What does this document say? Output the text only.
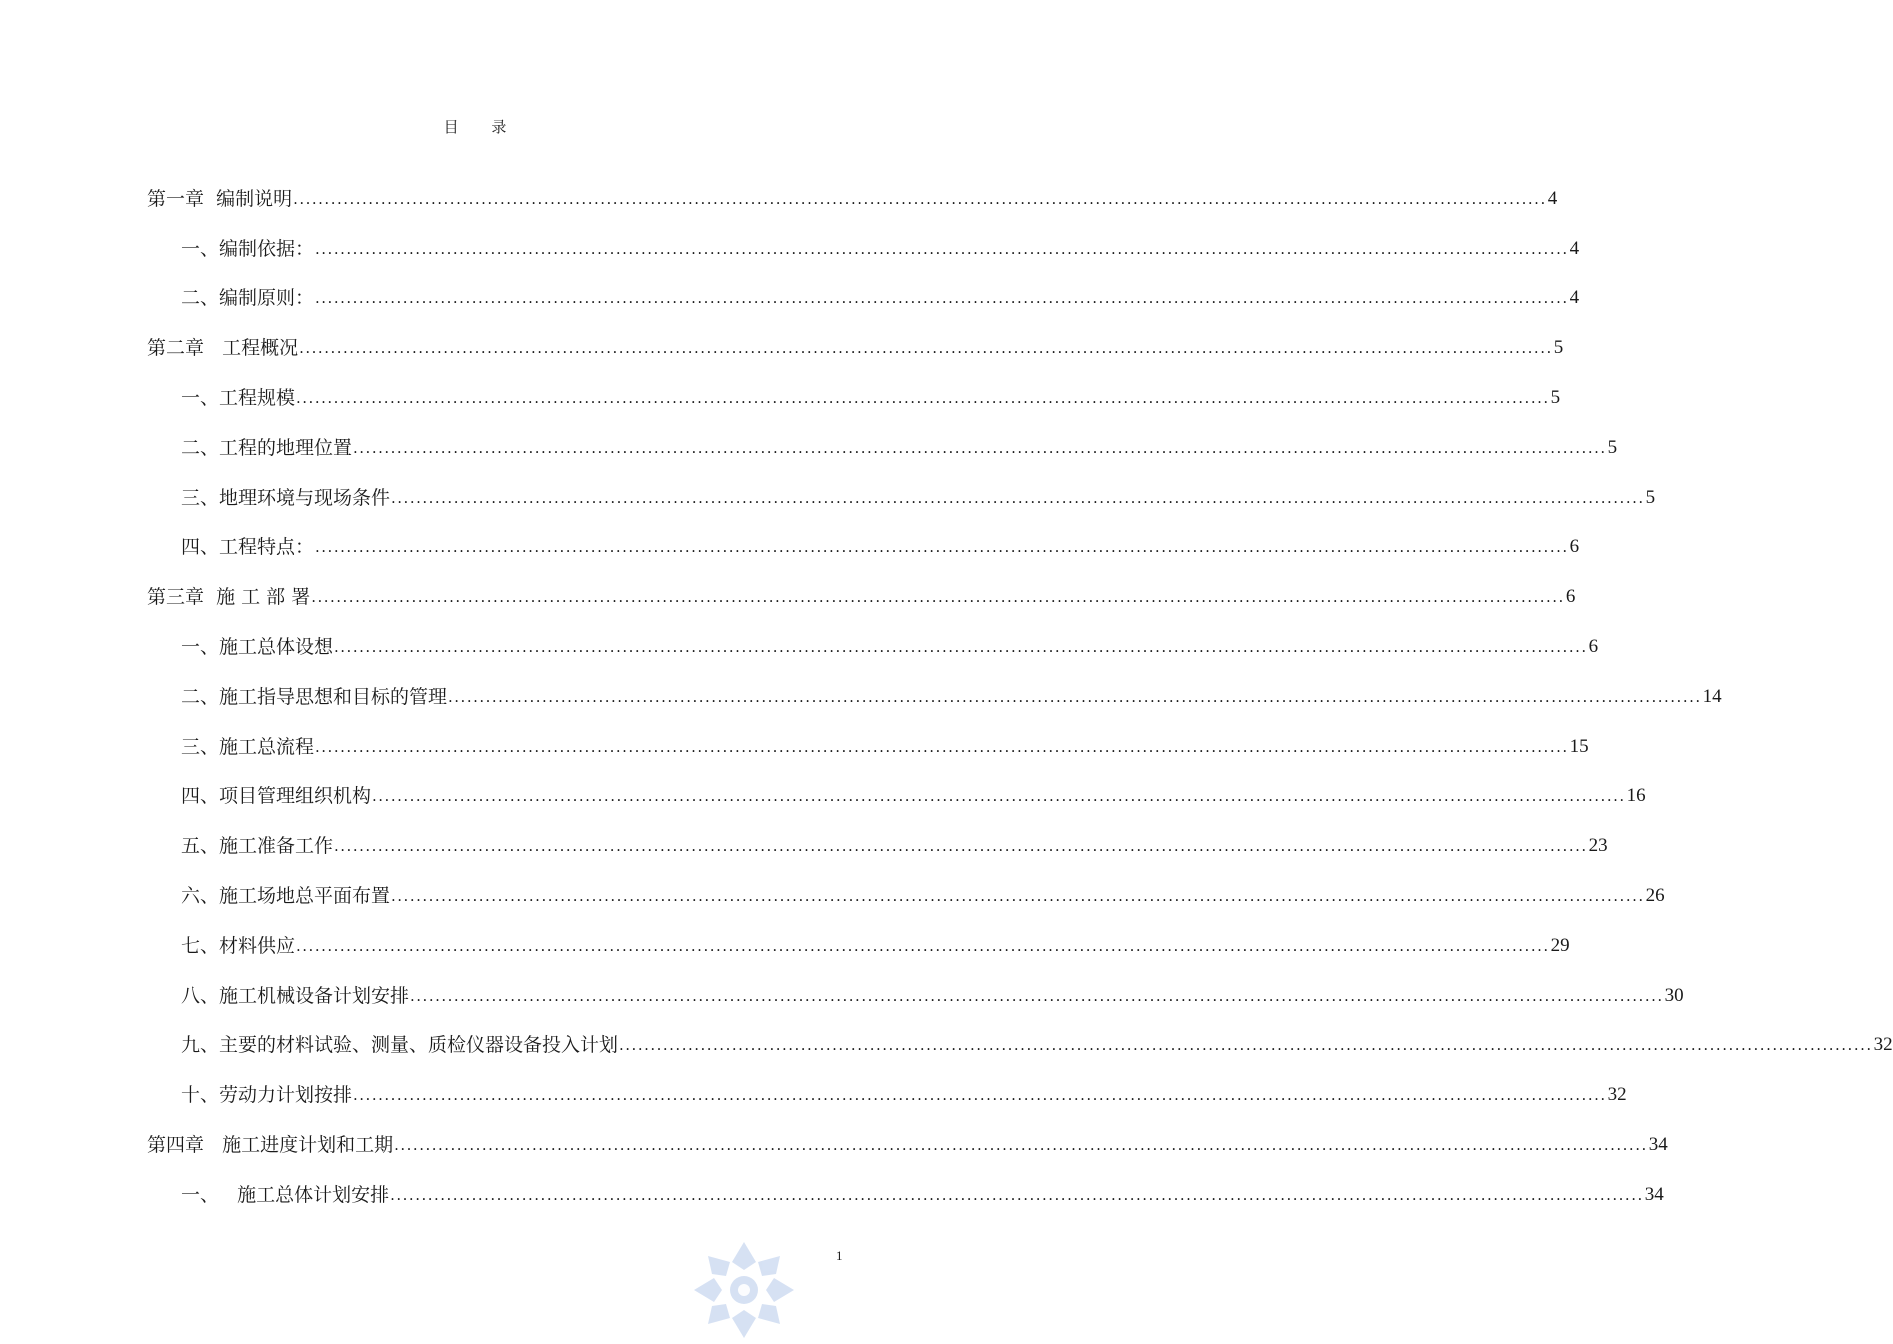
目 录
第一章  编制说明 ........................................................................................................................................................................................................ 4
一、编制依据： ........................................................................................................................................................................................................ 4
二、编制原则： ........................................................................................................................................................................................................ 4
第二章   工程概况 ........................................................................................................................................................................................................ 5
一、工程规模 ........................................................................................................................................................................................................ 5
二、工程的地理位置 ........................................................................................................................................................................................................ 5
三、地理环境与现场条件 ........................................................................................................................................................................................................ 5
四、工程特点： ........................................................................................................................................................................................................ 6
第三章  施 工 部 署 ........................................................................................................................................................................................................ 6
一、施工总体设想 ........................................................................................................................................................................................................ 6
二、施工指导思想和目标的管理 ........................................................................................................................................................................................................ 14
三、施工总流程 ........................................................................................................................................................................................................ 15
四、项目管理组织机构 ........................................................................................................................................................................................................ 16
五、施工准备工作 ........................................................................................................................................................................................................ 23
六、施工场地总平面布置 ........................................................................................................................................................................................................ 26
七、材料供应 ........................................................................................................................................................................................................ 29
八、施工机械设备计划安排 ........................................................................................................................................................................................................ 30
九、主要的材料试验、测量、质检仪器设备投入计划 ........................................................................................................................................................................................................ 32
十、劳动力计划按排 ........................................................................................................................................................................................................ 32
第四章   施工进度计划和工期 ........................................................................................................................................................................................................ 34
一、   施工总体计划安排 ........................................................................................................................................................................................................ 34
1
